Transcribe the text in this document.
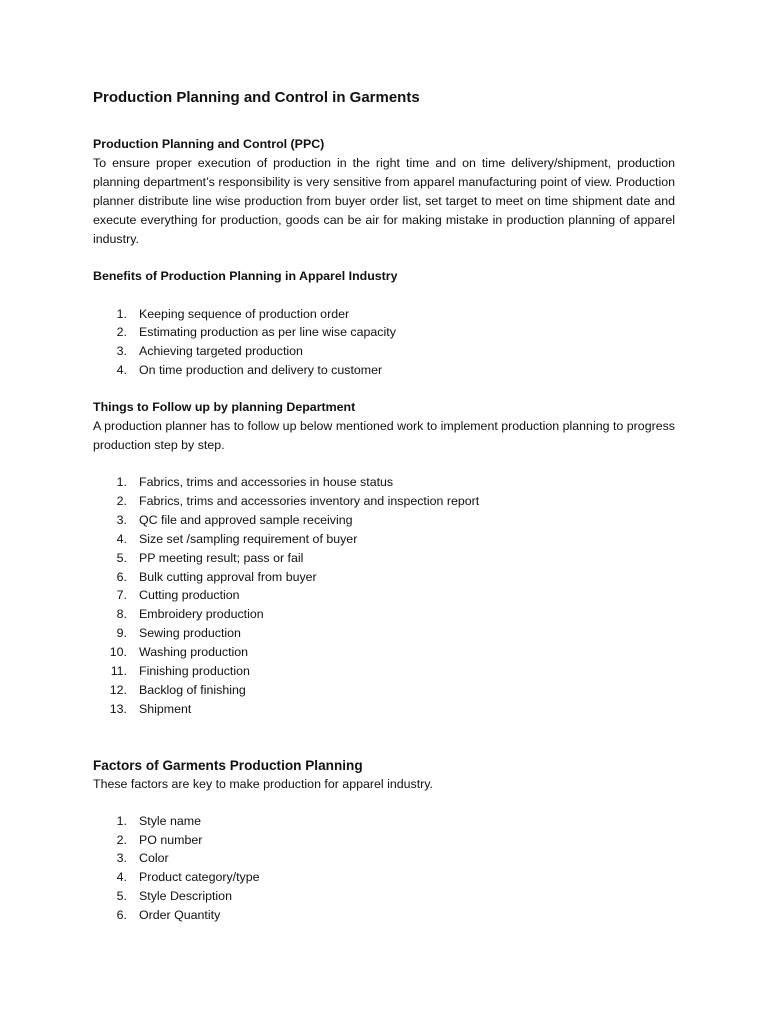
Production Planning and Control in Garments
Production Planning and Control (PPC)

To ensure proper execution of production in the right time and on time delivery/shipment, production planning department’s responsibility is very sensitive from apparel manufacturing point of view. Production planner distribute line wise production from buyer order list, set target to meet on time shipment date and execute everything for production, goods can be air for making mistake in production planning of apparel industry.

Benefits of Production Planning in Apparel Industry
1. Keeping sequence of production order
2. Estimating production as per line wise capacity
3. Achieving targeted production
4. On time production and delivery to customer
Things to Follow up by planning Department

A production planner has to follow up below mentioned work to implement production planning to progress production step by step.

1. Fabrics, trims and accessories in house status
2. Fabrics, trims and accessories inventory and inspection report
3. QC file and approved sample receiving
4. Size set /sampling requirement of buyer
5. PP meeting result; pass or fail
6. Bulk cutting approval from buyer
7. Cutting production
8. Embroidery production
9. Sewing production
10. Washing production
11. Finishing production
12. Backlog of finishing
13. Shipment
Factors of Garments Production Planning

These factors are key to make production for apparel industry.

1. Style name
2. PO number
3. Color
4. Product category/type
5. Style Description
6. Order Quantity
